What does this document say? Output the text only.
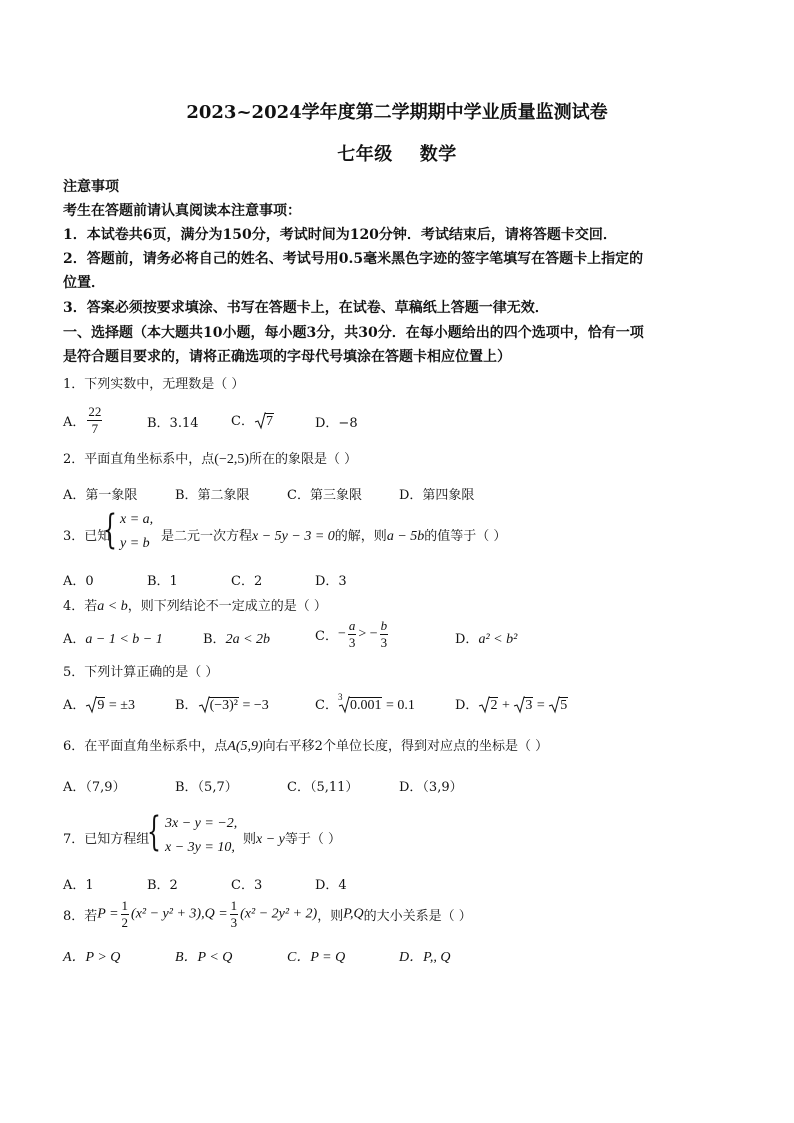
2023~2024学年度第二学期期中学业质量监测试卷
七年级    数学
注意事项
考生在答题前请认真阅读本注意事项：
1．本试卷共6页，满分为150分，考试时间为120分钟．考试结束后，请将答题卡交回．
2．答题前，请务必将自己的姓名、考试号用0.5毫米黑色字迹的签字笔填写在答题卡上指定的
位置．
3．答案必须按要求填涂、书写在答题卡上，在试卷、草稿纸上答题一律无效．
一、选择题（本大题共10小题，每小题3分，共30分．在每小题给出的四个选项中，恰有一项
是符合题目要求的，请将正确选项的字母代号填涂在答题卡相应位置上）
1．下列实数中，无理数是（ ）
A． $\frac{22}{7}$	B．3.14	C． 7	D．−8
2．平面直角坐标系中，点(−2,5)所在的象限是（ ）
A．第一象限	B．第二象限	C．第三象限	D．第四象限
3．已知
{ x = a,
y = b 是二元一次方程x − 5y − 3 = 0的解，则a − 5b的值等于（ ）
A．0	B．1	C．2	D．3
4．若a < b，则下列结论不一定成立的是（ ）
A．a − 1 < b − 1	B．2a < 2b	C．− $\frac{a}{3}$ > − $\frac{b}{3}$	D．a² < b²
5．下列计算正确的是（ ）
A． 9 = ±3	B． (−3)² = −3	C．
3
0.001 = 0.1	D． 2 +
3 =
5
6．在平面直角坐标系中，点A(5,9)向右平移2个单位长度，得到对应点的坐标是（ ）
A．（7,9）	B．（5,7）	C．（5,11）	D．（3,9）
7．已知方程组
{ 3x − y = −2,
x − 3y = 10,
则x − y等于（ ）
A．1	B．2	C．3	D．4
8．若$P = \frac{1}{2} (x^2 - y^2 + 3),Q = \frac{1}{3} (x^2 - 2y^2 + 2)$，则P,Q的大小关系是（ ）
A．P > Q	B．P < Q	C．P = Q	D．P,, Q
